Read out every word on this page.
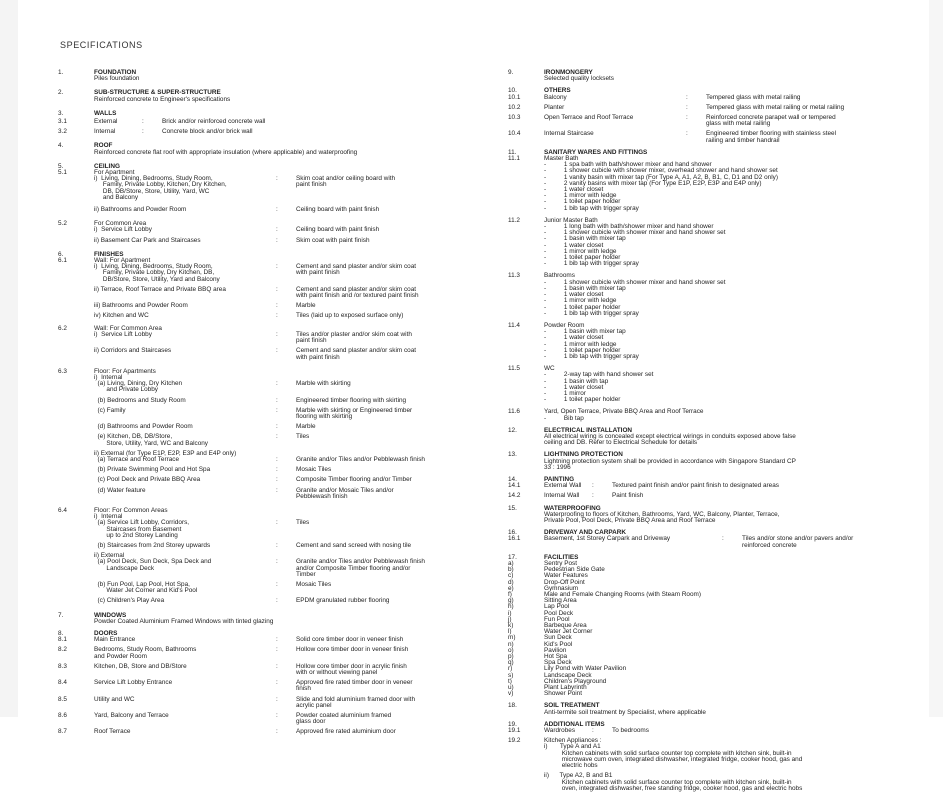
SPECIFICATIONS
1.	FOUNDATION
Piles foundation
2.	SUB-STRUCTURE & SUPER-STRUCTURE
Reinforced concrete to Engineer's specifications
3.	WALLS
3.1	External	:	Brick and/or reinforced concrete wall
3.2	Internal	:	Concrete block and/or brick wall
4.	ROOF
Reinforced concrete flat roof with appropriate insulation (where applicable) and waterproofing
5.	CEILING
5.1	For Apartment
i)  Living, Dining, Bedrooms, Study Room,
Family, Private Lobby, Kitchen, Dry Kitchen,
DB, DB/Store, Store, Utility, Yard, WC
and Balcony
:	Skim coat and/or ceiling board with
paint finish
ii) Bathrooms and Powder Room	:	Ceiling board with paint finish
5.2	For Common Area
i)  Service Lift Lobby	:	Ceiling board with paint finish
ii) Basement Car Park and Staircases	:	Skim coat with paint finish
6.	FINISHES
6.1	Wall: For Apartment
i)  Living, Dining, Bedrooms, Study Room,
Family, Private Lobby, Dry Kitchen, DB,
DB/Store, Store, Utility, Yard and Balcony
:	Cement and sand plaster and/or skim coat
with paint finish
ii) Terrace, Roof Terrace and Private BBQ area	:	Cement and sand plaster and/or skim coat
with paint finish and /or textured paint finish
iii) Bathrooms and Powder Room	:	Marble
iv) Kitchen and WC	:	Tiles (laid up to exposed surface only)
6.2	Wall: For Common Area
i)  Service Lift Lobby	:	Tiles and/or plaster and/or skim coat with
paint finish
ii) Corridors and Staircases	:	Cement and sand plaster and/or skim coat
with paint finish
6.3	Floor: For Apartments
i)  Internal
(a) Living, Dining, Dry Kitchen
and Private Lobby
:	Marble with skirting
(b) Bedrooms and Study Room	:	Engineered timber flooring with skirting
(c) Family	:	Marble with skirting or Engineered timber
flooring with skirting
(d) Bathrooms and Powder Room	:	Marble
(e) Kitchen, DB, DB/Store,
Store, Utility, Yard, WC and Balcony
:	Tiles
ii) External (for Type E1P, E2P, E3P and E4P only)
(a) Terrace and Roof Terrace	:	Granite and/or Tiles and/or Pebblewash finish
(b) Private Swimming Pool and Hot Spa	:	Mosaic Tiles
(c) Pool Deck and Private BBQ Area	:	Composite Timber flooring and/or Timber
(d) Water feature	:	Granite and/or Mosaic Tiles and/or
Pebblewash finish
6.4	Floor: For Common Areas
i)  Internal
(a) Service Lift Lobby, Corridors,
Staircases from Basement
up to 2nd Storey Landing
:	Tiles
(b) Staircases from 2nd Storey upwards	:	Cement and sand screed with nosing tile
ii) External
(a) Pool Deck, Sun Deck, Spa Deck and
Landscape Deck
:	Granite and/or Tiles and/or Pebblewash finish
and/or Composite Timber flooring and/or
Timber
(b) Fun Pool, Lap Pool, Hot Spa,
Water Jet Corner and Kid's Pool
:	Mosaic Tiles
(c) Children's Play Area	:	EPDM granulated rubber flooring
7.	WINDOWS
Powder Coated Aluminium Framed Windows with tinted glazing
8.	DOORS
8.1	Main Entrance	:	Solid core timber door in veneer finish
8.2	Bedrooms, Study Room, Bathrooms
and Powder Room
:	Hollow core timber door in veneer finish
8.3	Kitchen, DB, Store and DB/Store	:	Hollow core timber door in acrylic finish
with or without viewing panel
8.4	Service Lift Lobby Entrance	:	Approved fire rated timber door in veneer
finish
8.5	Utility and WC	:	Slide and fold aluminium framed door with
acrylic panel
8.6	Yard, Balcony and Terrace	:	Powder coated aluminium framed
glass door
8.7	Roof Terrace	:	Approved fire rated aluminium door
9.	IRONMONGERY
Selected quality locksets
10.	OTHERS
10.1	Balcony	:	Tempered glass with metal railing
10.2	Planter	:	Tempered glass with metal railing or metal railing
10.3	Open Terrace and Roof Terrace	:	Reinforced concrete parapet wall or tempered
glass with metal railing
10.4	Internal Staircase	:	Engineered timber flooring with stainless steel
railing and timber handrail
11.	SANITARY WARES AND FITTINGS
11.1	Master Bath
-          1 spa bath with bath/shower mixer and hand shower
-          1 shower cubicle with shower mixer, overhead shower and hand shower set
-          1 vanity basin with mixer tap (For Type A, A1, A2, B, B1, C, D1 and D2 only)
-          2 vanity basins with mixer tap (For Type E1P, E2P, E3P and E4P only)
-          1 water closet
-          1 mirror with ledge
-          1 toilet paper holder
-          1 bib tap with trigger spray
11.2	Junior Master Bath
-          1 long bath with bath/shower mixer and hand shower
-          1 shower cubicle with shower mixer and hand shower set
-          1 basin with mixer tap
-          1 water closet
-          1 mirror with ledge
-          1 toilet paper holder
-          1 bib tap with trigger spray
11.3	Bathrooms
-          1 shower cubicle with shower mixer and hand shower set
-          1 basin with mixer tap
-          1 water closet
-          1 mirror with ledge
-          1 toilet paper holder
-          1 bib tap with trigger spray
11.4	Powder Room
-          1 basin with mixer tap
-          1 water closet
-          1 mirror with ledge
-          1 toilet paper holder
-          1 bib tap with trigger spray
11.5	WC
-          2-way tap with hand shower set
-          1 basin with tap
-          1 water closet
-          1 mirror
-          1 toilet paper holder
11.6	Yard, Open Terrace, Private BBQ Area and Roof Terrace
-          Bib tap
12.	ELECTRICAL INSTALLATION
All electrical wiring is concealed except electrical wirings in conduits exposed above false
ceiling and DB. Refer to Electrical Schedule for details
13.	LIGHTNING PROTECTION
Lightning protection system shall be provided in accordance with Singapore Standard CP
33 : 1996
14.	PAINTING
14.1	External Wall	:	Textured paint finish and/or paint finish to designated areas
14.2	Internal Wall	:	Paint finish
15.	WATERPROOFING
Waterproofing to floors of Kitchen, Bathrooms, Yard, WC, Balcony, Planter, Terrace,
Private Pool, Pool Deck, Private BBQ Area and Roof Terrace
16.	DRIVEWAY AND CARPARK
16.1	Basement, 1st Storey Carpark and Driveway	:	Tiles and/or stone and/or pavers and/or
reinforced concrete
17.	FACILITIES
a)	Sentry Post
b)	Pedestrian Side Gate
c)	Water Features
d)	Drop-Off Point
e)	Gymnasium
f)	Male and Female Changing Rooms (with Steam Room)
g)	Sitting Area
h)	Lap Pool
i)	Pool Deck
j)	Fun Pool
k)	Barbeque Area
l)	Water Jet Corner
m)	Sun Deck
n)	Kid's Pool
o)	Pavilion
p)	Hot Spa
q)	Spa Deck
r)	Lily Pond with Water Pavilion
s)	Landscape Deck
t)	Children's Playground
u)	Plant Labyrinth
v)	Shower Point
18.	SOIL TREATMENT
Anti-termite soil treatment by Specialist, where applicable
19.	ADDITIONAL ITEMS
19.1	Wardrobes	:	To bedrooms
19.2	Kitchen Appliances :
i)       Type A and A1
Kitchen cabinets with solid surface counter top complete with kitchen sink, built-in
microwave cum oven, integrated dishwasher, integrated fridge, cooker hood, gas and
electric hobs
ii)      Type A2, B and B1
Kitchen cabinets with solid surface counter top complete with kitchen sink, built-in
oven, integrated dishwasher, free standing fridge, cooker hood, gas and electric hobs
